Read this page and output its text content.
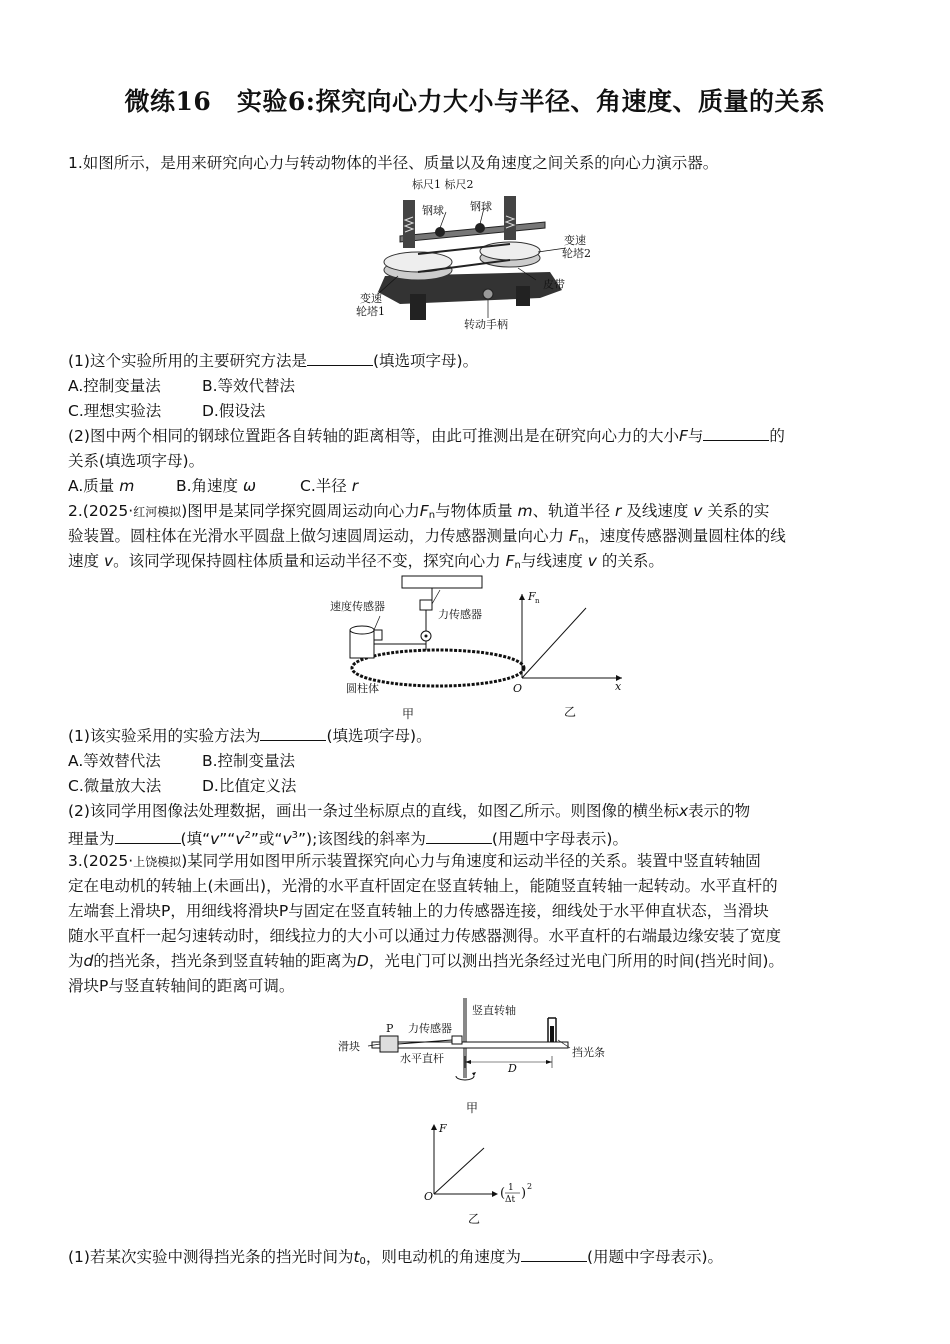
微练16　实验6:探究向心力大小与半径、角速度、质量的关系
1.如图所示，是用来研究向心力与转动物体的半径、质量以及角速度之间关系的向心力演示器。
标尺1 标尺2
钢球 钢球
变速
轮塔2
皮带
变速
轮塔1
转动手柄
(1)这个实验所用的主要研究方法是	(填选项字母)。
A.控制变量法	B.等效代替法
C.理想实验法	D.假设法
(2)图中两个相同的钢球位置距各自转轴的距离相等，由此可推测出是在研究向心力的大小F与	的
关系(填选项字母)。
A.质量 m	B.角速度 ω	C.半径 r
2.(2025·红河模拟)图甲是某同学探究圆周运动向心力$F_n$与物体质量 m、轨道半径 r 及线速度 v 关系的实
验装置。圆柱体在光滑水平圆盘上做匀速圆周运动，力传感器测量向心力 $F_n$，速度传感器测量圆柱体的线
速度 v。该同学现保持圆柱体质量和运动半径不变，探究向心力 $F_n$与线速度 v 的关系。
速度传感器
力传感器
圆柱体
甲
F n
x
O
乙
(1)该实验采用的实验方法为	(填选项字母)。
A.等效替代法	B.控制变量法
C.微量放大法	D.比值定义法
(2)该同学用图像法处理数据，画出一条过坐标原点的直线，如图乙所示。则图像的横坐标x表示的物
理量为	(填“$v”“v^2$”或“$v^3$”);该图线的斜率为	(用题中字母表示)。
3.(2025·上饶模拟)某同学用如图甲所示装置探究向心力与角速度和运动半径的关系。装置中竖直转轴固
定在电动机的转轴上(未画出)，光滑的水平直杆固定在竖直转轴上，能随竖直转轴一起转动。水平直杆的
左端套上滑块P，用细线将滑块P与固定在竖直转轴上的力传感器连接，细线处于水平伸直状态，当滑块
随水平直杆一起匀速转动时，细线拉力的大小可以通过力传感器测得。水平直杆的右端最边缘安装了宽度
为d的挡光条，挡光条到竖直转轴的距离为D，光电门可以测出挡光条经过光电门所用的时间(挡光时间)。
滑块P与竖直转轴间的距离可调。
竖直转轴
力传感器
P
滑块
水平直杆	挡光条
D
甲
F
O	( 1
Δt ) 2
乙
(1)若某次实验中测得挡光条的挡光时间为$t_0$，则电动机的角速度为	(用题中字母表示)。
